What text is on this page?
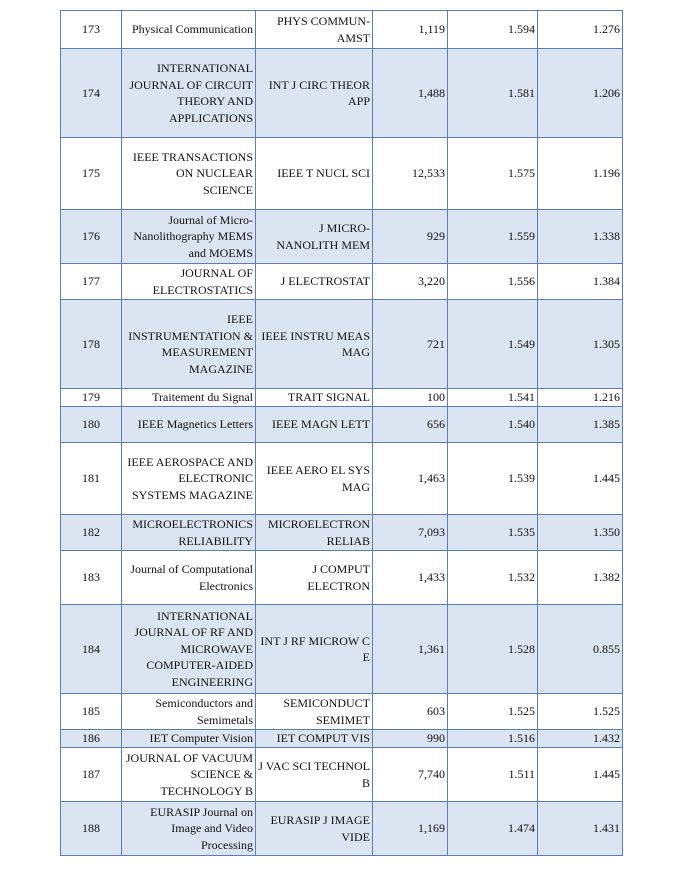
173	Physical Communication	PHYS COMMUN-AMST	1,119	1.594	1.276
174	INTERNATIONAL JOURNAL OF CIRCUIT THEORY AND APPLICATIONS	INT J CIRC THEOR APP	1,488	1.581	1.206
175	IEEE TRANSACTIONS ON NUCLEAR SCIENCE	IEEE T NUCL SCI	12,533	1.575	1.196
176	Journal of Micro-Nanolithography MEMS and MOEMS	J MICRO-NANOLITH MEM	929	1.559	1.338
177	JOURNAL OF ELECTROSTATICS	J ELECTROSTAT	3,220	1.556	1.384
178	IEEE INSTRUMENTATION & MEASUREMENT MAGAZINE	IEEE INSTRU MEAS MAG	721	1.549	1.305
179	Traitement du Signal	TRAIT SIGNAL	100	1.541	1.216
180	IEEE Magnetics Letters	IEEE MAGN LETT	656	1.540	1.385
181	IEEE AEROSPACE AND ELECTRONIC SYSTEMS MAGAZINE	IEEE AERO EL SYS MAG	1,463	1.539	1.445
182	MICROELECTRONICS RELIABILITY	MICROELECTRON RELIAB	7,093	1.535	1.350
183	Journal of Computational Electronics	J COMPUT ELECTRON	1,433	1.532	1.382
184	INTERNATIONAL JOURNAL OF RF AND MICROWAVE COMPUTER-AIDED ENGINEERING	INT J RF MICROW C E	1,361	1.528	0.855
185	Semiconductors and Semimetals	SEMICONDUCT SEMIMET	603	1.525	1.525
186	IET Computer Vision	IET COMPUT VIS	990	1.516	1.432
187	JOURNAL OF VACUUM SCIENCE & TECHNOLOGY B	J VAC SCI TECHNOL B	7,740	1.511	1.445
188	EURASIP Journal on Image and Video Processing	EURASIP J IMAGE VIDE	1,169	1.474	1.431
